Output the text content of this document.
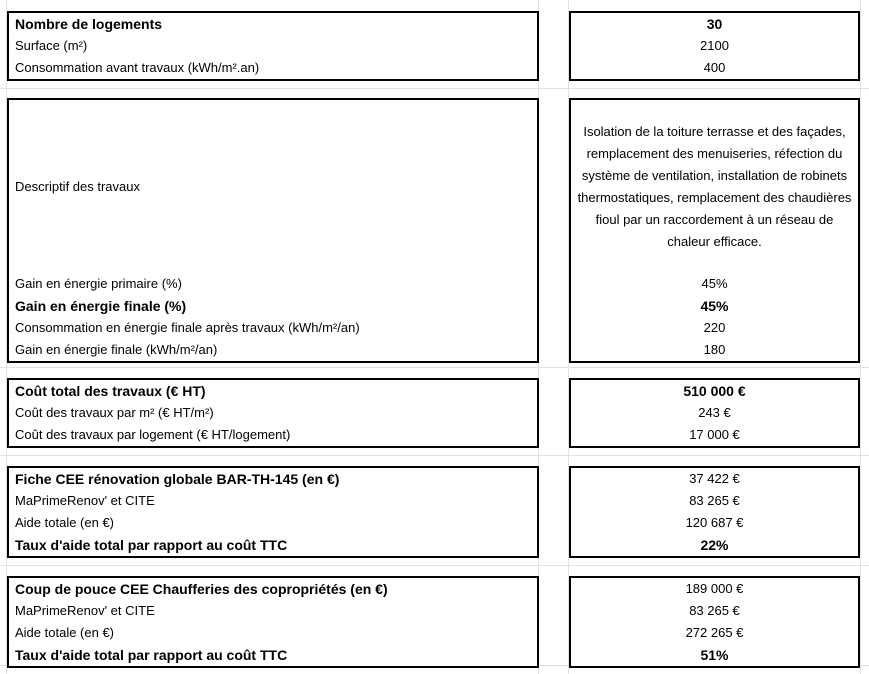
Nombre de logements
Surface (m²)
Consommation avant travaux (kWh/m².an)
30
2100
400
Descriptif des travaux
Gain en énergie primaire (%)
Gain en énergie finale (%)
Consommation en énergie finale après travaux (kWh/m²/an)
Gain en énergie finale (kWh/m²/an)
Isolation de la toiture terrasse et des façades, remplacement des menuiseries, réfection du système de ventilation, installation de robinets thermostatiques, remplacement des chaudières fioul par un raccordement à un réseau de chaleur efficace.
45%
45%
220
180
Coût total des travaux (€ HT)
Coût des travaux par m² (€ HT/m²)
Coût des travaux par logement (€ HT/logement)
510 000 €
243 €
17 000 €
Fiche CEE rénovation globale BAR-TH-145 (en €)
MaPrimeRenov' et CITE
Aide totale (en €)
Taux d'aide total par rapport au coût TTC
37 422 €
83 265 €
120 687 €
22%
Coup de pouce CEE Chaufferies des copropriétés (en €)
MaPrimeRenov' et CITE
Aide totale (en €)
Taux d'aide total par rapport au coût TTC
189 000 €
83 265 €
272 265 €
51%
